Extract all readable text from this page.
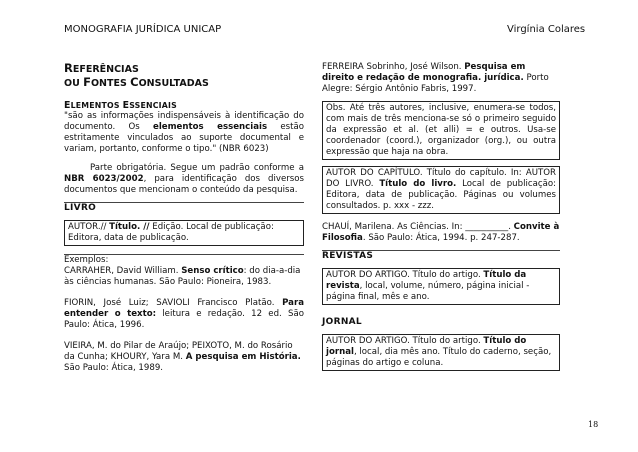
MONOGRAFIA JURÍDICA UNICAP	Virgínia Colares

REFERÊNCIAS
OU FONTES CONSULTADAS

ELEMENTOS ESSENCIAIS

"são as informações indispensáveis à identificação do documento. Os elementos essenciais estão estritamente vinculados ao suporte documental e variam, portanto, conforme o tipo." (NBR 6023)

Parte obrigatória. Segue um padrão conforme a NBR 6023/2002, para identificação dos diversos documentos que mencionam o conteúdo da pesquisa.

LIVRO

AUTOR.// Título. // Edição. Local de publicação: Editora, data de publicação.

Exemplos:

CARRAHER, David William. Senso crítico: do dia-a-dia às ciências humanas. São Paulo: Pioneira, 1983.

FIORIN, José Luiz; SAVIOLI Francisco Platão. Para entender o texto: leitura e redação. 12 ed. São Paulo: Ática, 1996.

VIEIRA, M. do Pilar de Araújo; PEIXOTO, M. do Rosário da Cunha; KHOURY, Yara M. A pesquisa em História. São Paulo: Ática, 1989.

FERREIRA Sobrinho, José Wilson. Pesquisa em direito e redação de monografia. jurídica. Porto Alegre: Sérgio Antônio Fabris, 1997.

Obs. Até três autores, inclusive, enumera-se todos, com mais de três menciona-se só o primeiro seguido da expressão et al. (et alli) = e outros. Usa-se coordenador (coord.), organizador (org.), ou outra expressão que haja na obra.
AUTOR DO CAPÍTULO. Título do capítulo. In: AUTOR DO LIVRO. Título do livro. Local de publicação: Editora, data de publicação. Páginas ou volumes consultados. p. xxx - zzz.

CHAUÍ, Marilena. As Ciências. In: __________. Convite à Filosofia. São Paulo: Ática, 1994. p. 247-287.

REVISTAS

AUTOR DO ARTIGO. Título do artigo. Título da revista, local, volume, número, página inicial - página final, mês e ano.

JORNAL

AUTOR DO ARTIGO. Título do artigo. Título do jornal, local, dia mês ano. Título do caderno, seção, páginas do artigo e coluna.
18
